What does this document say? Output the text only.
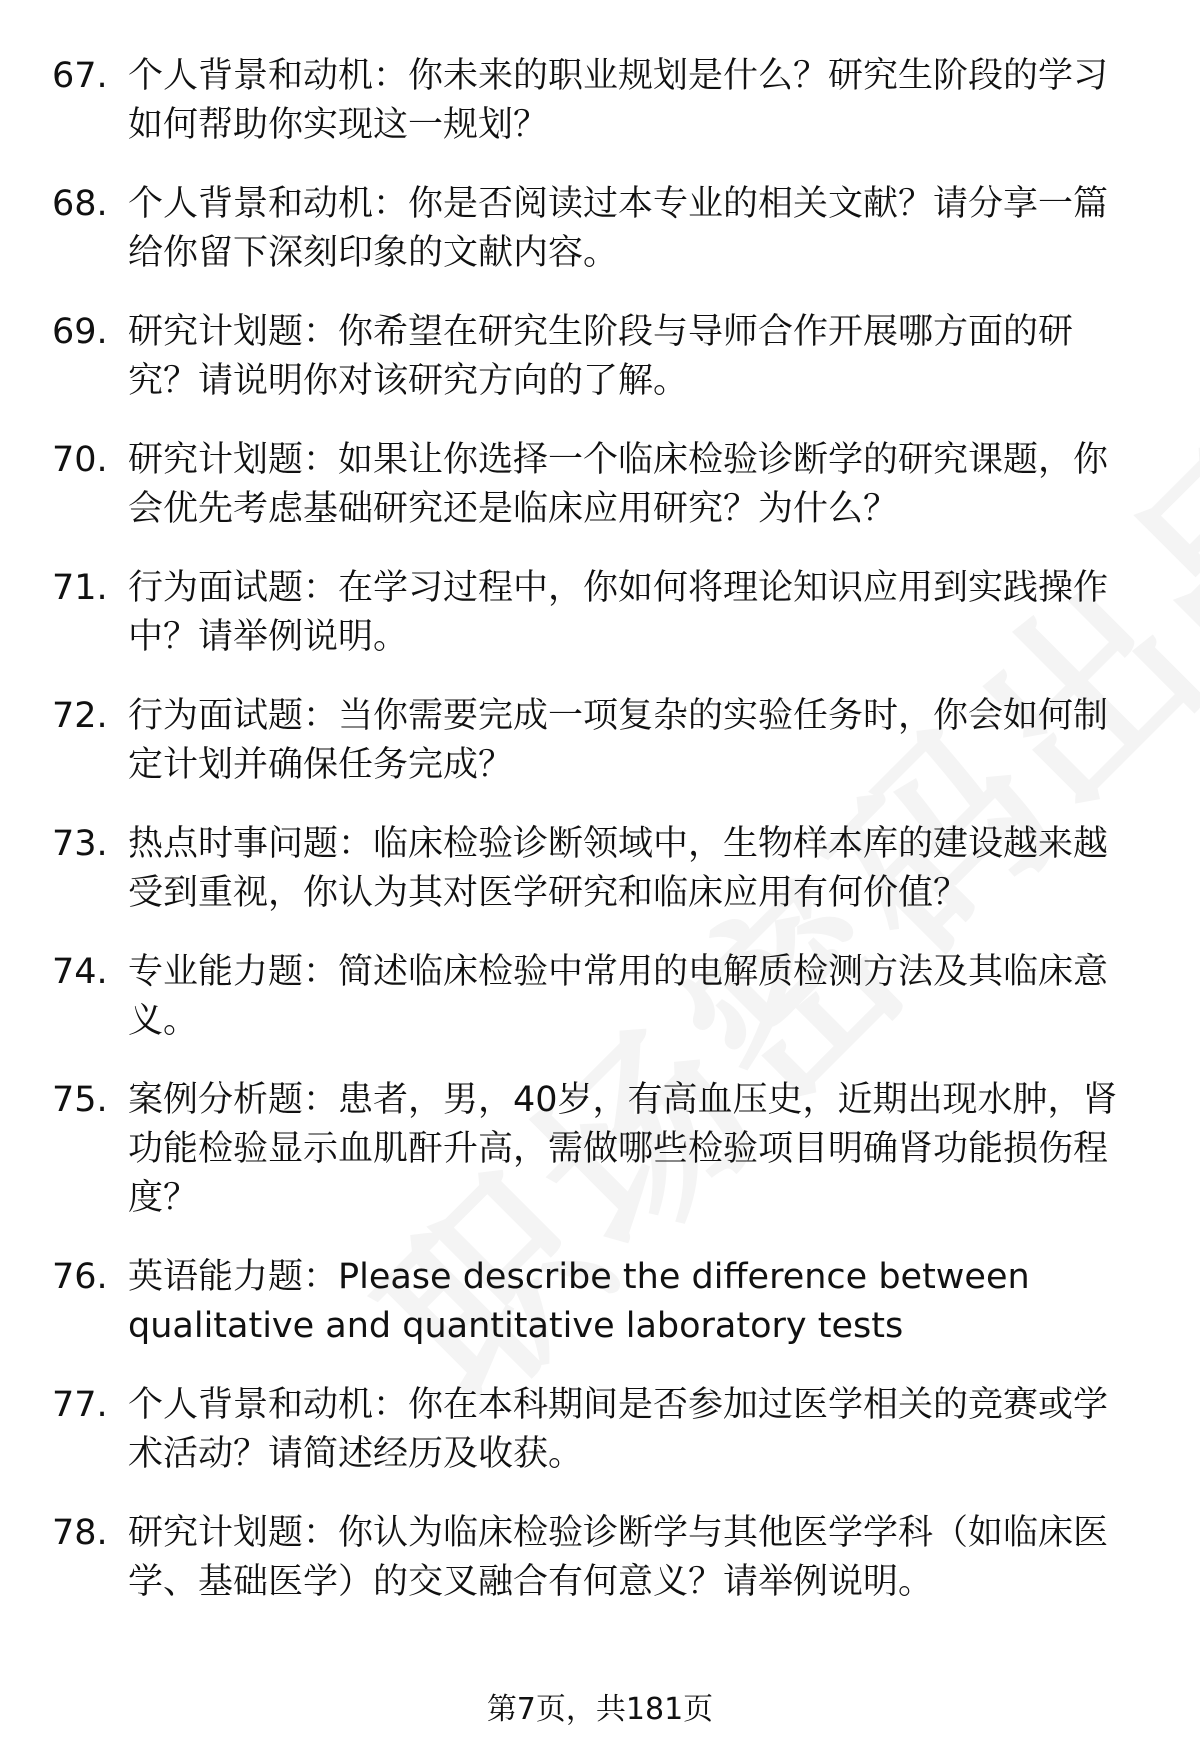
67. 个人背景和动机：你未来的职业规划是什么？研究生阶段的学习如何帮助你实现这一规划？
68. 个人背景和动机：你是否阅读过本专业的相关文献？请分享一篇给你留下深刻印象的文献内容。
69. 研究计划题：你希望在研究生阶段与导师合作开展哪方面的研究？请说明你对该研究方向的了解。
70. 研究计划题：如果让你选择一个临床检验诊断学的研究课题，你会优先考虑基础研究还是临床应用研究？为什么？
71. 行为面试题：在学习过程中，你如何将理论知识应用到实践操作中？请举例说明。
72. 行为面试题：当你需要完成一项复杂的实验任务时，你会如何制定计划并确保任务完成？
73. 热点时事问题：临床检验诊断领域中，生物样本库的建设越来越受到重视，你认为其对医学研究和临床应用有何价值？
74. 专业能力题：简述临床检验中常用的电解质检测方法及其临床意义。
75. 案例分析题：患者，男，40岁，有高血压史，近期出现水肿，肾功能检验显示血肌酐升高，需做哪些检验项目明确肾功能损伤程度？
76. 英语能力题：Please describe the difference between qualitative and quantitative laboratory tests
77. 个人背景和动机：你在本科期间是否参加过医学相关的竞赛或学术活动？请简述经历及收获。
78. 研究计划题：你认为临床检验诊断学与其他医学学科（如临床医学、基础医学）的交叉融合有何意义？请举例说明。
第7页，共181页
